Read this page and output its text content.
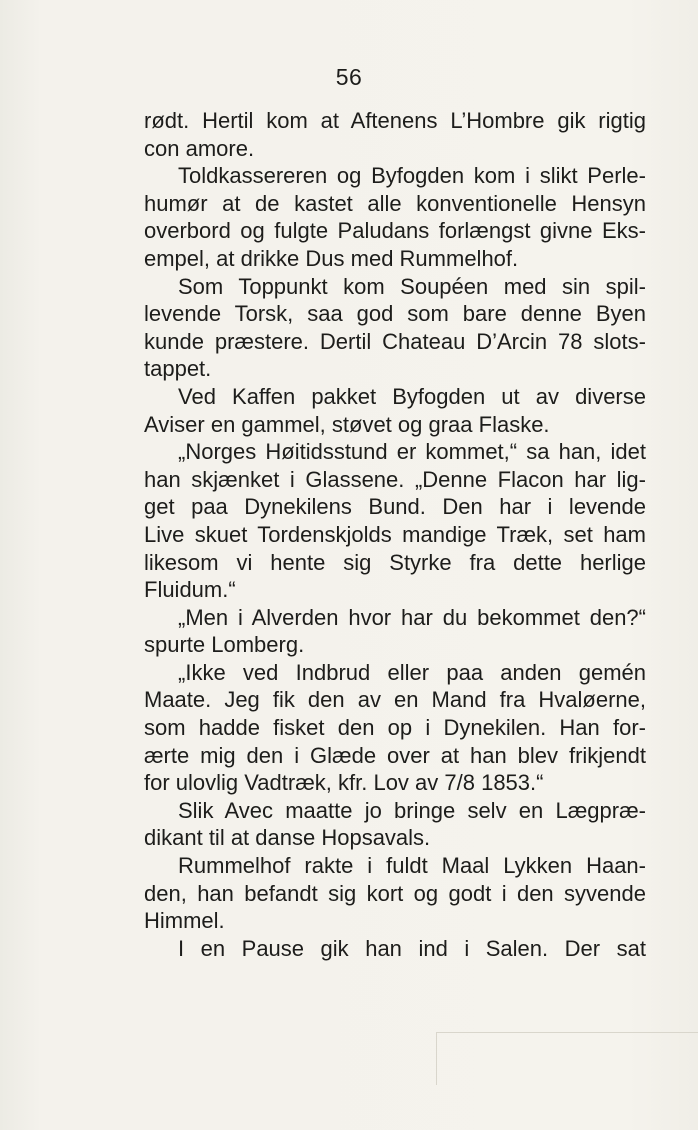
56
rødt. Hertil kom at Aftenens L’Hombre gik rigtig
con amore.
Toldkassereren og Byfogden kom i slikt Perle-
humør at de kastet alle konventionelle Hensyn
overbord og fulgte Paludans forlængst givne Eks-
empel, at drikke Dus med Rummelhof.
Som Toppunkt kom Soupéen med sin spil-
levende Torsk, saa god som bare denne Byen
kunde præstere. Dertil Chateau D’Arcin 78 slots-
tappet.
Ved Kaffen pakket Byfogden ut av diverse
Aviser en gammel, støvet og graa Flaske.
„Norges Høitidsstund er kommet,“ sa han, idet
han skjænket i Glassene. „Denne Flacon har lig-
get paa Dynekilens Bund. Den har i levende
Live skuet Tordenskjolds mandige Træk, set ham
likesom vi hente sig Styrke fra dette herlige
Fluidum.“
„Men i Alverden hvor har du bekommet den?“
spurte Lomberg.
„Ikke ved Indbrud eller paa anden gemén
Maate. Jeg fik den av en Mand fra Hvaløerne,
som hadde fisket den op i Dynekilen. Han for-
ærte mig den i Glæde over at han blev frikjendt
for ulovlig Vadtræk, kfr. Lov av 7/8 1853.“
Slik Avec maatte jo bringe selv en Lægpræ-
dikant til at danse Hopsavals.
Rummelhof rakte i fuldt Maal Lykken Haan-
den, han befandt sig kort og godt i den syvende
Himmel.
I en Pause gik han ind i Salen. Der sat
